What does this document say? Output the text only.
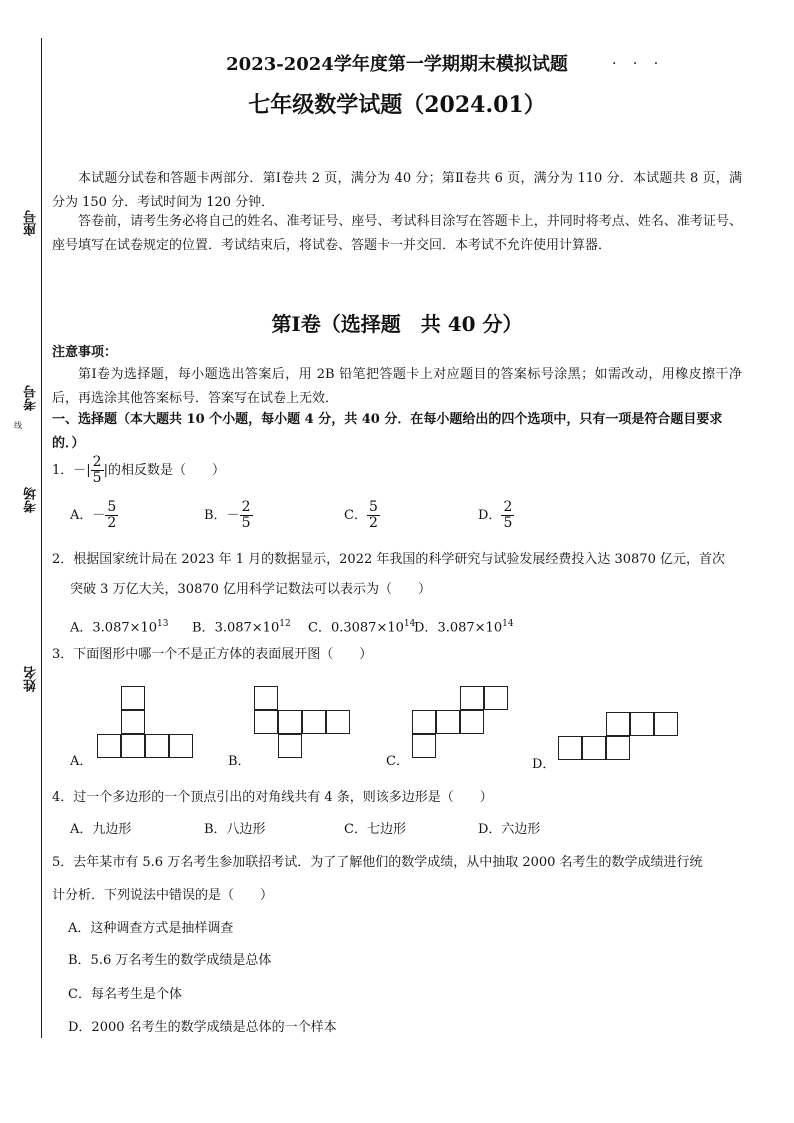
座号
考号
线
考场
姓名
2023-2024学年度第一学期期末模拟试题	· · ·
七年级数学试题（2024.01）
本试题分试卷和答题卡两部分．第Ⅰ卷共 2 页，满分为 40 分；第Ⅱ卷共 6 页，满分为 110 分．本试题共 8 页，满分为 150 分．考试时间为 120 分钟．
答卷前，请考生务必将自己的姓名、准考证号、座号、考试科目涂写在答题卡上，并同时将考点、姓名、准考证号、座号填写在试卷规定的位置．考试结束后，将试卷、答题卡一并交回．本考试不允许使用计算器．
第Ⅰ卷（选择题　共 40 分）
注意事项：
第Ⅰ卷为选择题，每小题选出答案后，用 2B 铅笔把答题卡上对应题目的答案标号涂黑；如需改动，用橡皮擦干净后，再选涂其他答案标号．答案写在试卷上无效．
一、选择题（本大题共 10 个小题，每小题 4 分，共 40 分．在每小题给出的四个选项中，只有一项是符合题目要求的．）
1．－| $\frac{2}{5}$ |的相反数是（　　）
A．－ $\frac{5}{2}$	B．－ $\frac{2}{5}$	C． $\frac{5}{2}$	D． $\frac{2}{5}$
2．根据国家统计局在 2023 年 1 月的数据显示，2022 年我国的科学研究与试验发展经费投入达 30870 亿元，首次
突破 3 万亿大关，30870 亿用科学记数法可以表示为（　　）
A．$3.087\times 10^{13}$ B．$3.087\times 10^{12}$ C．$0.3087\times 10^{14}$
D．$3.087\times 10^{14}$
3．下面图形中哪一个不是正方体的表面展开图（　　）
A．	B．	C．	D．
4．过一个多边形的一个顶点引出的对角线共有 4 条，则该多边形是（　　）
A．九边形	B．八边形	C．七边形	D．六边形
5．去年某市有 5.6 万名考生参加联招考试．为了了解他们的数学成绩，从中抽取 2000 名考生的数学成绩进行统
计分析．下列说法中错误的是（　　）
A．这种调查方式是抽样调查
B．5.6 万名考生的数学成绩是总体
C．每名考生是个体
D．2000 名考生的数学成绩是总体的一个样本
